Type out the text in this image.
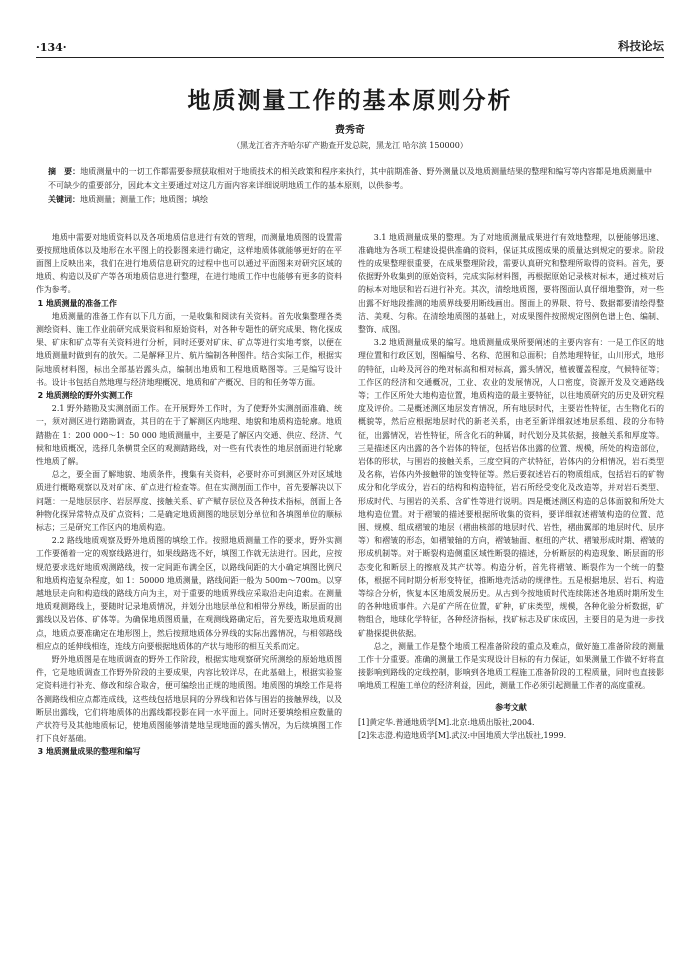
·134·	科技论坛
地质测量工作的基本原则分析
费秀奇
（黑龙江省齐齐哈尔矿产勘查开发总院，黑龙江 哈尔滨 150000）
摘　要：地质测量中的一切工作都需要参照获取相对于地质技术的相关政策和程序来执行，其中前期准备、野外测量以及地质测量结果的整理和编写等内容都是地质测量中不可缺少的重要部分，因此本文主要通过对这几方面内容来详细说明地质工作的基本原则，以供参考。
关键词：地质测量；测量工作；地质图；填绘

地质中需要对地质资料以及各项地质信息进行有效的管理，而测量地质图的设置需要按照地质体以及地形在水平图上的投影图来进行确定，这样地质体就能够更好的在平面图上反映出来，我们在进行地质信息研究的过程中也可以通过平面图来对研究区域的地质、构造以及矿产等各项地质信息进行整理，在进行地质工作中也能够有更多的资料作为参考。

1 地质测量的准备工作

地质测量的准备工作有以下几方面，一是收集和阅读有关资料。首先收集整理各类测绘资料、施工作业前研究成果资料和原始资料，对各种专题性的研究成果、物化探成果、矿床和矿点等有关资料进行分析，同时还要对矿床、矿点等进行实地考察，以便在地质测量时做到有的放矢。二是解释卫片、航片编制各种图件。结合实际工作，根据实际地质材料图，标出全部基岩露头点，编制出地质和工程地质略图等。三是编写设计书。设计书包括自然地理与经济地理概况、地质和矿产概况、目的和任务等方面。

2 地质测绘的野外实测工作

2.1 野外踏勘及实测剖面工作。在开展野外工作时，为了使野外实测剖面准确、统一，须对测区进行踏勘调查，其目的在于了解测区内地理、地貌和地质构造轮廓。地质踏勘在 1：200 000～1：50 000 地质测量中，主要是了解区内交通、供应、经济、气候和地质概况，选择几条横贯全区的观测踏路线，对一些有代表性的地层剖面进行轮廓性地质了解。

总之，要全面了解地貌、地质条件，搜集有关资料，必要时亦可到测区外对区域地质进行概略观察以及对矿床、矿点进行检查等。但在实测剖面工作中，首先要解决以下问题：一是地层层序、岩层厚度、接触关系、矿产赋存层位及各种技术指标，剖面上各种物化探异常特点及矿点资料；二是确定地质测图的地层划分单位和各填图单位的顺标标志；三是研究工作区内的地质构造。

2.2 路线地质观察及野外地质图的填绘工作。按照地质测量工作的要求，野外实测工作要循着一定的观察线路进行，如果线路选不好，填图工作就无法进行。因此，应按规范要求选好地质观测路线，按一定间距布满全区，以路线间距的大小确定填图比例尺和地质构造复杂程度，如 1：50000 地质测量，路线间距一般为 500m～700m。以穿越地层走向和构造线的路线方向为主，对于重要的地质界线应采取沿走向追索。在测量地质观测路线上，要随时记录地质情况，并划分出地层单位和相带分界线，断层面的出露线以及岩体、矿体等。为确保地质图质量，在观测线路确定后，首先要选取地质观测点，地质点要准确定在地形图上，然后按照地质体分界线的实际出露情况，与相邻路线相应点的延伸线相连，连线方向要根据地质体的产状与地形的相互关系而定。

野外地质图是在地质调查的野外工作阶段，根据实地观察研究所测绘的原始地质图件，它是地质调查工作野外阶段的主要成果，内容比较详尽，在此基础上，根据实验鉴定资料进行补充、修改和综合取舍，便可编绘出正规的地质图。地质图的填绘工作是将各测路线相应点都连成线，这些线包括地层间的分界线和岩体与围岩的接触界线，以及断层出露线，它们将地质体的出露线都投影在同一水平面上。同时还要填绘相应数量的产状符号及其他地质标记，使地质图能够清楚地呈现地面的露头情况，为后续填图工作打下良好基础。

3 地质测量成果的整理和编写

3.1 地质测量成果的整理。为了对地质测量成果进行有效地整理，以便能够迅速、准确地为各项工程建设提供准确的资料，保证其成图成果的质量达到规定的要求。阶段性的成果整理很重要，在成果整理阶段，需要认真研究和整理所取得的资料。首先，要依据野外收集到的原始资料，完成实际材料图，再根据原始记录核对标本，通过核对后的标本对地层和岩石进行补充。其次，清绘地质图，要将图面认真仔细地整饰，对一些出露不好地段推测的地质界线要用断线画出。图面上的界限、符号、数据都要清绘得整洁、美观、匀称。在清绘地质图的基础上，对成果图件按照规定图例色谱上色、编制、整饰、成图。

3.2 地质测量成果的编写。地质测量成果所要阐述的主要内容有：一是工作区的地理位置和行政区划，图幅编号、名称、范围和总面积；自然地理特征，山川形式，地形的特征，山岭及河谷的绝对标高和相对标高，露头情况，植被覆盖程度，气候特征等；工作区的经济和交通概况，工业、农业的发展情况，人口密度，资源开发及交通路线等；工作区所处大地构造位置，地质构造的最主要特征，以往地质研究的历史及研究程度及评价。二是概述测区地层发育情况，所有地层时代，主要岩性特征，古生物化石的概貌等，然后应根据地层时代的新老关系，由老至新详细叙述地层系组、段的分布特征，出露情况，岩性特征，所含化石的种属，时代划分及其依据，接触关系和厚度等。三是描述区内出露的各个岩体的特征，包括岩体出露的位置、规模，所处的构造部位，岩体的形状，与围岩的接触关系，三度空间的产状特征，岩体内的分相情况，岩石类型及名称，岩体内外接触带的蚀变特征等。然后要叙述岩石的物质组成，包括岩石的矿物成分和化学成分，岩石的结构和构造特征，岩石所经受变化及改造等，并对岩石类型、形成时代、与围岩的关系、含矿性等进行说明。四是概述测区构造的总体面貌和所处大地构造位置。对于褶皱的描述要根据所收集的资料，要详细叙述褶皱构造的位置、范围、规模、组成褶皱的地层（褶曲核部的地层时代、岩性，褶曲翼部的地层时代、层序等）和褶皱的形态，如褶皱轴的方向，褶皱轴面、枢纽的产状、褶皱形成时期、褶皱的形成机制等。对于断裂构造侧重区域性断裂的描述，分析断层的构造现象、断层面的形态变化和断层上的擦痕及其产状等。构造分析，首先将褶皱、断裂作为一个统一的整体，根据不同时期分析形变特征，推断地壳活动的规律性。五是根据地层、岩石、构造等综合分析，恢复本区地质发展历史。从古到今按地质时代连续陈述各地质时期所发生的各种地质事件。六是矿产所在位置，矿种，矿床类型，规模，各种化验分析数据，矿物组合，地球化学特征，各种经济指标，找矿标志及矿床成因，主要目的是为进一步找矿勘探提供依据。

总之，测量工作是整个地质工程准备阶段的重点及难点，做好施工准备阶段的测量工作十分重要。准确的测量工作是实现设计目标的有力保证，如果测量工作做不好将直接影响到路线的定线控制，影响到各地质工程施工准备阶段的工程质量，同时也直接影响地质工程施工单位的经济利益，因此，测量工作必须引起测量工作者的高度重视。

参考文献

[1]黄定华.普通地质学[M].北京:地质出版社,2004.

[2]朱志澄.构造地质学[M].武汉:中国地质大学出版社,1999.
